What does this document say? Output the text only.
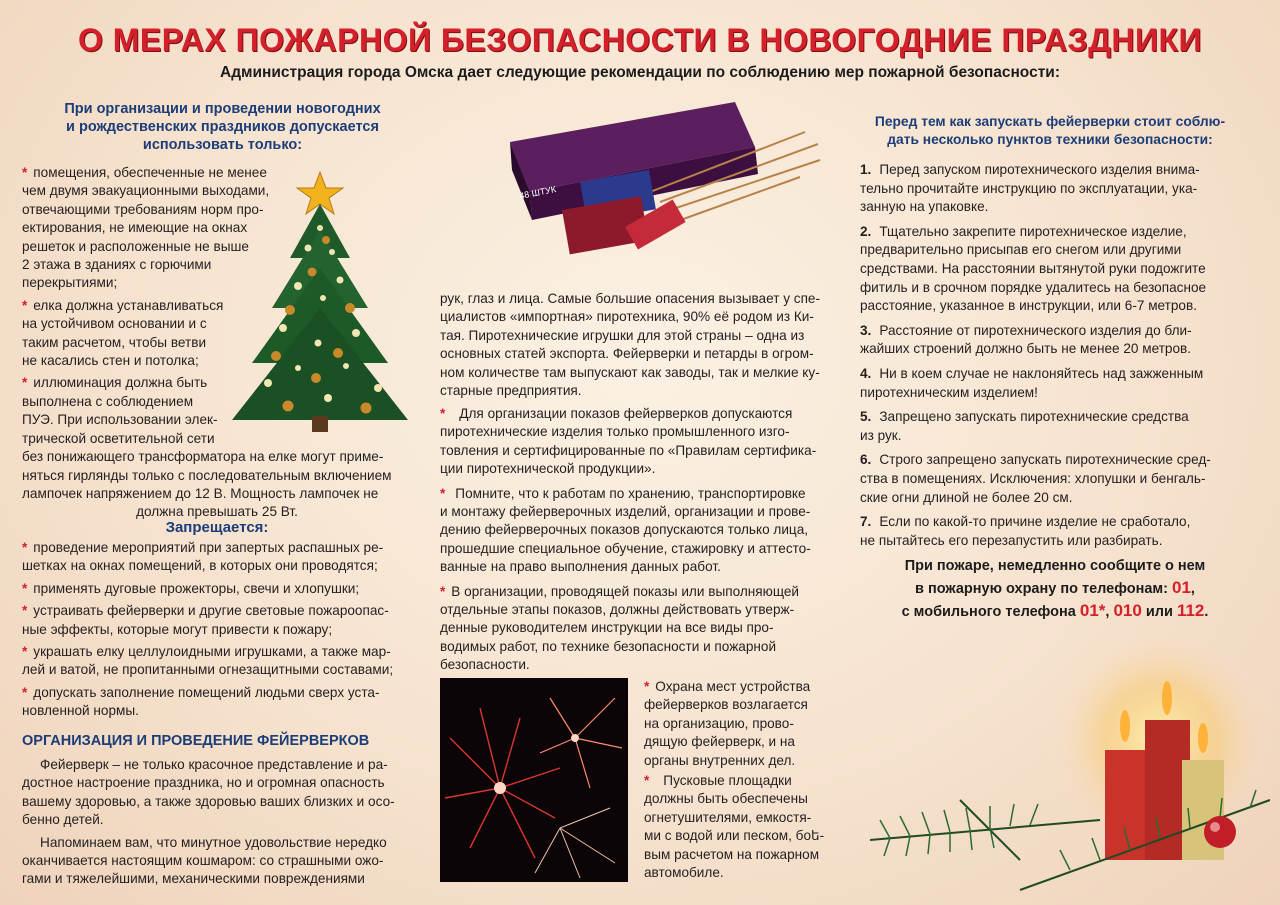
О МЕРАХ ПОЖАРНОЙ БЕЗОПАСНОСТИ В НОВОГОДНИЕ ПРАЗДНИКИ
Администрация города Омска дает следующие рекомендации по соблюдению мер пожарной безопасности:
При организации и проведении новогодних
и рождественских праздников допускается
использовать только:
* помещения, обеспеченные не менее
чем двумя эвакуационными выходами,
отвечающими требованиям норм про-
ектирования, не имеющие на окнах
решеток и расположенные не выше
2 этажа в зданиях с горючими
перекрытиями;
* елка должна устанавливаться
на устойчивом основании и с
таким расчетом, чтобы ветви
не касались стен и потолка;
* иллюминация должна быть
выполнена с соблюдением
ПУЭ. При использовании элек-
трической осветительной сети
без понижающего трансформатора на елке могут приме-
няться гирлянды только с последовательным включением
лампочек напряжением до 12 В. Мощность лампочек не

должна превышать 25 Вт.
Запрещается:
* проведение мероприятий при запертых распашных ре-
шетках на окнах помещений, в которых они проводятся;
* применять дуговые прожекторы, свечи и хлопушки;
* устраивать фейерверки и другие световые пожароопас-
ные эффекты, которые могут привести к пожару;
* украшать елку целлулоидными игрушками, а также мар-
лей и ватой, не пропитанными огнезащитными составами;
* допускать заполнение помещений людьми сверх уста-
новленной нормы.
ОРГАНИЗАЦИЯ И ПРОВЕДЕНИЕ ФЕЙЕРВЕРКОВ
Фейерверк – не только красочное представление и ра-
достное настроение праздника, но и огромная опасность
вашему здоровью, а также здоровью ваших близких и осо-
бенно детей.
Напоминаем вам, что минутное удовольствие нередко
оканчивается настоящим кошмаром: со страшными ожо-
гами и тяжелейшими, механическими повреждениями
48 ШТУК
рук, глаз и лица. Самые большие опасения вызывает у спе-
циалистов «импортная» пиротехника, 90% её родом из Ки-
тая. Пиротехнические игрушки для этой страны – одна из
основных статей экспорта. Фейерверки и петарды в огром-
ном количестве там выпускают как заводы, так и мелкие ку-
старные предприятия.
* Для организации показов фейерверков допускаются
пиротехнические изделия только промышленного изго-
товления и сертифицированные по «Правилам сертифика-
ции пиротехнической продукции».
* Помните, что к работам по хранению, транспортировке
и монтажу фейерверочных изделий, организации и прове-
дению фейерверочных показов допускаются только лица,
прошедшие специальное обучение, стажировку и аттесто-
ванные на право выполнения данных работ.
* В организации, проводящей показы или выполняющей
отдельные этапы показов, должны действовать утверж-
денные руководителем инструкции на все виды про-
водимых работ, по технике безопасности и пожарной
безопасности.
* Охрана мест устройства
фейерверков возлагается
на организацию, прово-
дящую фейерверк, и на
органы внутренних дел.
* Пусковые площадки
должны быть обеспечены
огнетушителями, емкостя-
ми с водой или песком, боե-
вым расчетом на пожарном
автомобиле.
Перед тем как запускать фейерверки стоит соблю-
дать несколько пунктов техники безопасности:
1. Перед запуском пиротехнического изделия внима-
тельно прочитайте инструкцию по эксплуатации, ука-
занную на упаковке.
2. Тщательно закрепите пиротехническое изделие,
предварительно присыпав его снегом или другими
средствами. На расстоянии вытянутой руки подожгите
фитиль и в срочном порядке удалитесь на безопасное
расстояние, указанное в инструкции, или 6-7 метров.
3. Расстояние от пиротехнического изделия до бли-
жайших строений должно быть не менее 20 метров.
4. Ни в коем случае не наклоняйтесь над зажженным
пиротехническим изделием!
5. Запрещено запускать пиротехнические средства
из рук.
6. Строго запрещено запускать пиротехнические сред-
ства в помещениях. Исключения: хлопушки и бенгаль-
ские огни длиной не более 20 см.
7. Если по какой-то причине изделие не сработало,
не пытайтесь его перезапустить или разбирать.
При пожаре, немедленно сообщите о нем
в пожарную охрану по телефонам: 01,
с мобильного телефона 01*, 010 или 112.
